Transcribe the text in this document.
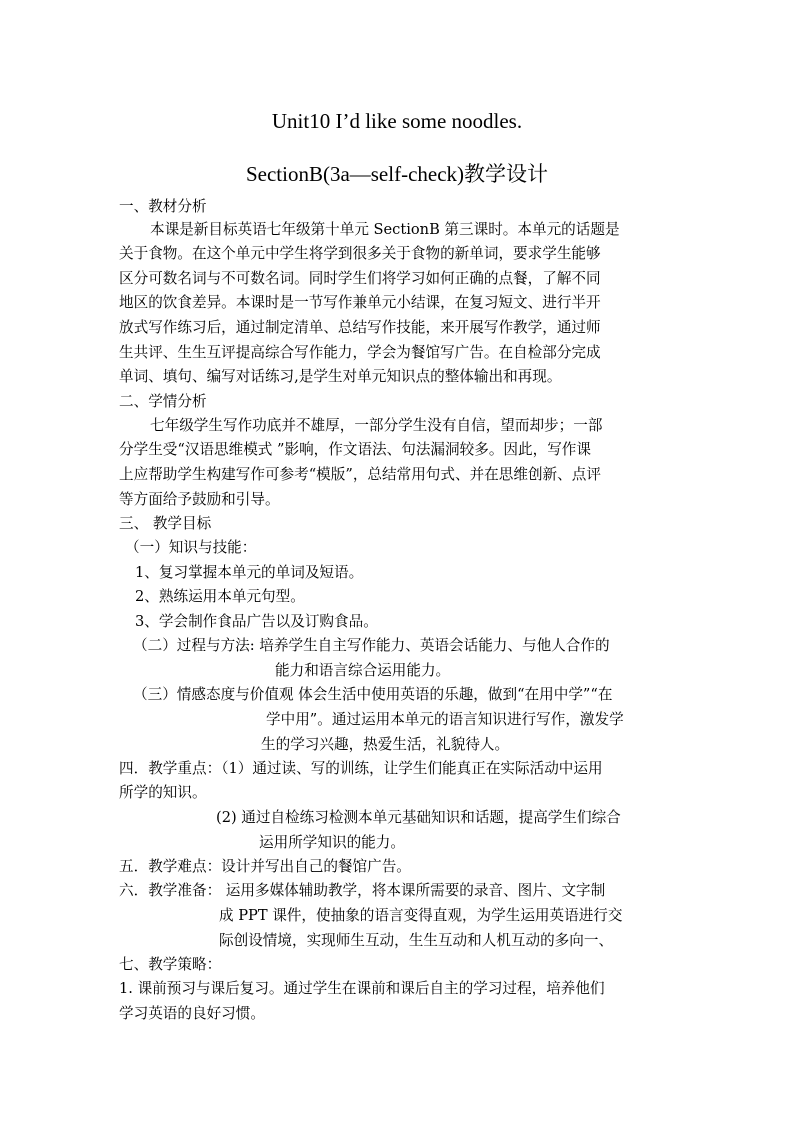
Unit10 I’d like some noodles.
SectionB(3a—self-check)教学设计
一、教材分析
本课是新目标英语七年级第十单元 SectionB 第三课时。本单元的话题是
关于食物。在这个单元中学生将学到很多关于食物的新单词，要求学生能够
区分可数名词与不可数名词。同时学生们将学习如何正确的点餐，了解不同
地区的饮食差异。本课时是一节写作兼单元小结课，在复习短文、进行半开
放式写作练习后，通过制定清单、总结写作技能，来开展写作教学，通过师
生共评、生生互评提高综合写作能力，学会为餐馆写广告。在自检部分完成
单词、填句、编写对话练习,是学生对单元知识点的整体输出和再现。
二、学情分析
七年级学生写作功底并不雄厚，一部分学生没有自信，望而却步；一部
分学生受“汉语思维模式 ”影响，作文语法、句法漏洞较多。因此，写作课
上应帮助学生构建写作可参考“模版”，总结常用句式、并在思维创新、点评
等方面给予鼓励和引导。
三、 教学目标
（一）知识与技能：
1、复习掌握本单元的单词及短语。
2、熟练运用本单元句型。
3、学会制作食品广告以及订购食品。
（二）过程与方法: 培养学生自主写作能力、英语会话能力、与他人合作的
能力和语言综合运用能力。
（三）情感态度与价值观 体会生活中使用英语的乐趣，做到“在用中学”“在
学中用”。通过运用本单元的语言知识进行写作，激发学
生的学习兴趣，热爱生活，礼貌待人。
四．教学重点：（1）通过读、写的训练，让学生们能真正在实际活动中运用
所学的知识。
(2) 通过自检练习检测本单元基础知识和话题，提高学生们综合
运用所学知识的能力。
五．教学难点：设计并写出自己的餐馆广告。
六．教学准备： 运用多媒体辅助教学，将本课所需要的录音、图片、文字制
成 PPT 课件，使抽象的语言变得直观，为学生运用英语进行交
际创设情境，实现师生互动，生生互动和人机互动的多向一、
七、教学策略：
1. 课前预习与课后复习。通过学生在课前和课后自主的学习过程，培养他们
学习英语的良好习惯。
